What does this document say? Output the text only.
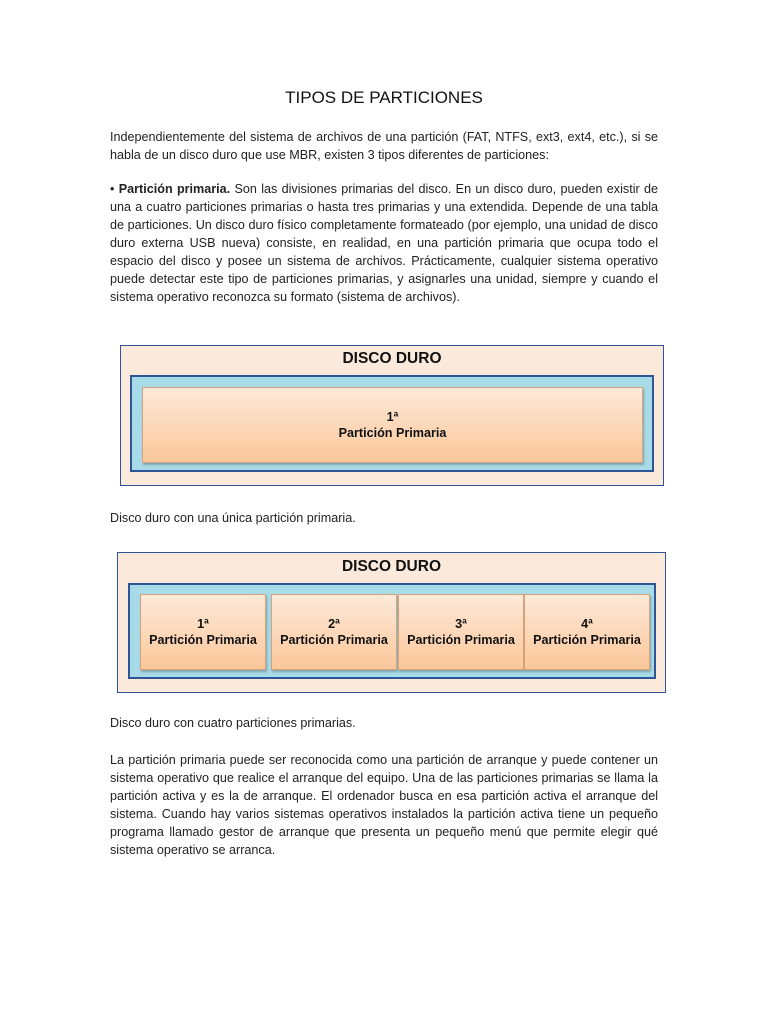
TIPOS DE PARTICIONES

Independientemente del sistema de archivos de una partición (FAT, NTFS, ext3, ext4, etc.), si se habla de un disco duro que use MBR, existen 3 tipos diferentes de particiones:

• Partición primaria. Son las divisiones primarias del disco. En un disco duro, pueden existir de una a cuatro particiones primarias o hasta tres primarias y una extendida. Depende de una tabla de particiones. Un disco duro físico completamente formateado (por ejemplo, una unidad de disco duro externa USB nueva) consiste, en realidad, en una partición primaria que ocupa todo el espacio del disco y posee un sistema de archivos. Prácticamente, cualquier sistema operativo puede detectar este tipo de particiones primarias, y asignarles una unidad, siempre y cuando el sistema operativo reconozca su formato (sistema de archivos).

DISCO DURO
1ª
Partición Primaria
Disco duro con una única partición primaria.
DISCO DURO
1ª
Partición Primaria
2ª
Partición Primaria
3ª
Partición Primaria
4ª
Partición Primaria
Disco duro con cuatro particiones primarias.

La partición primaria puede ser reconocida como una partición de arranque y puede contener un sistema operativo que realice el arranque del equipo. Una de las particiones primarias se llama la partición activa y es la de arranque. El ordenador busca en esa partición activa el arranque del sistema. Cuando hay varios sistemas operativos instalados la partición activa tiene un pequeño programa llamado gestor de arranque que presenta un pequeño menú que permite elegir qué sistema operativo se arranca.
